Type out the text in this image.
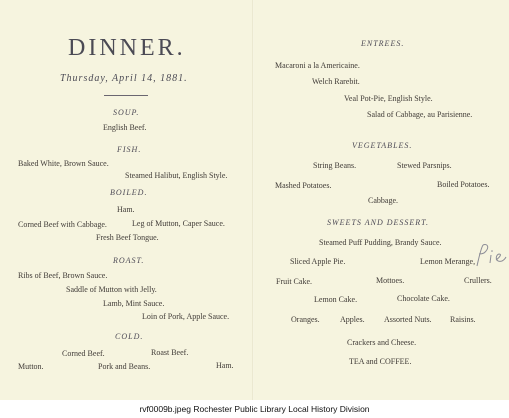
DINNER.
Thursday, April 14, 1881.
SOUP.
English Beef.
FISH.
Baked White, Brown Sauce.
Steamed Halibut, English Style.
BOILED.
Ham.
Corned Beef with Cabbage.	Leg of Mutton, Caper Sauce.
Fresh Beef Tongue.
ROAST.
Ribs of Beef, Brown Sauce.
Saddle of Mutton with Jelly.
Lamb, Mint Sauce.
Loin of Pork, Apple Sauce.
COLD.
Corned Beef.	Roast Beef.
Mutton.	Pork and Beans.	Ham.
ENTREES.
Macaroni a la Americaine.
Welch Rarebit.
Veal Pot-Pie, English Style.
Salad of Cabbage, au Parisienne.
VEGETABLES.
String Beans.	Stewed Parsnips.
Mashed Potatoes.	Boiled Potatoes.
Cabbage.
SWEETS AND DESSERT.
Steamed Puff Pudding, Brandy Sauce.
Sliced Apple Pie.	Lemon Merange,
Fruit Cake.	Mottoes.	Crullers.
Lemon Cake.	Chocolate Cake.
Oranges.	Apples. Assorted Nuts. Raisins.
Crackers and Cheese.
TEA and COFFEE.
rvf0009b.jpeg Rochester Public Library Local History Division
